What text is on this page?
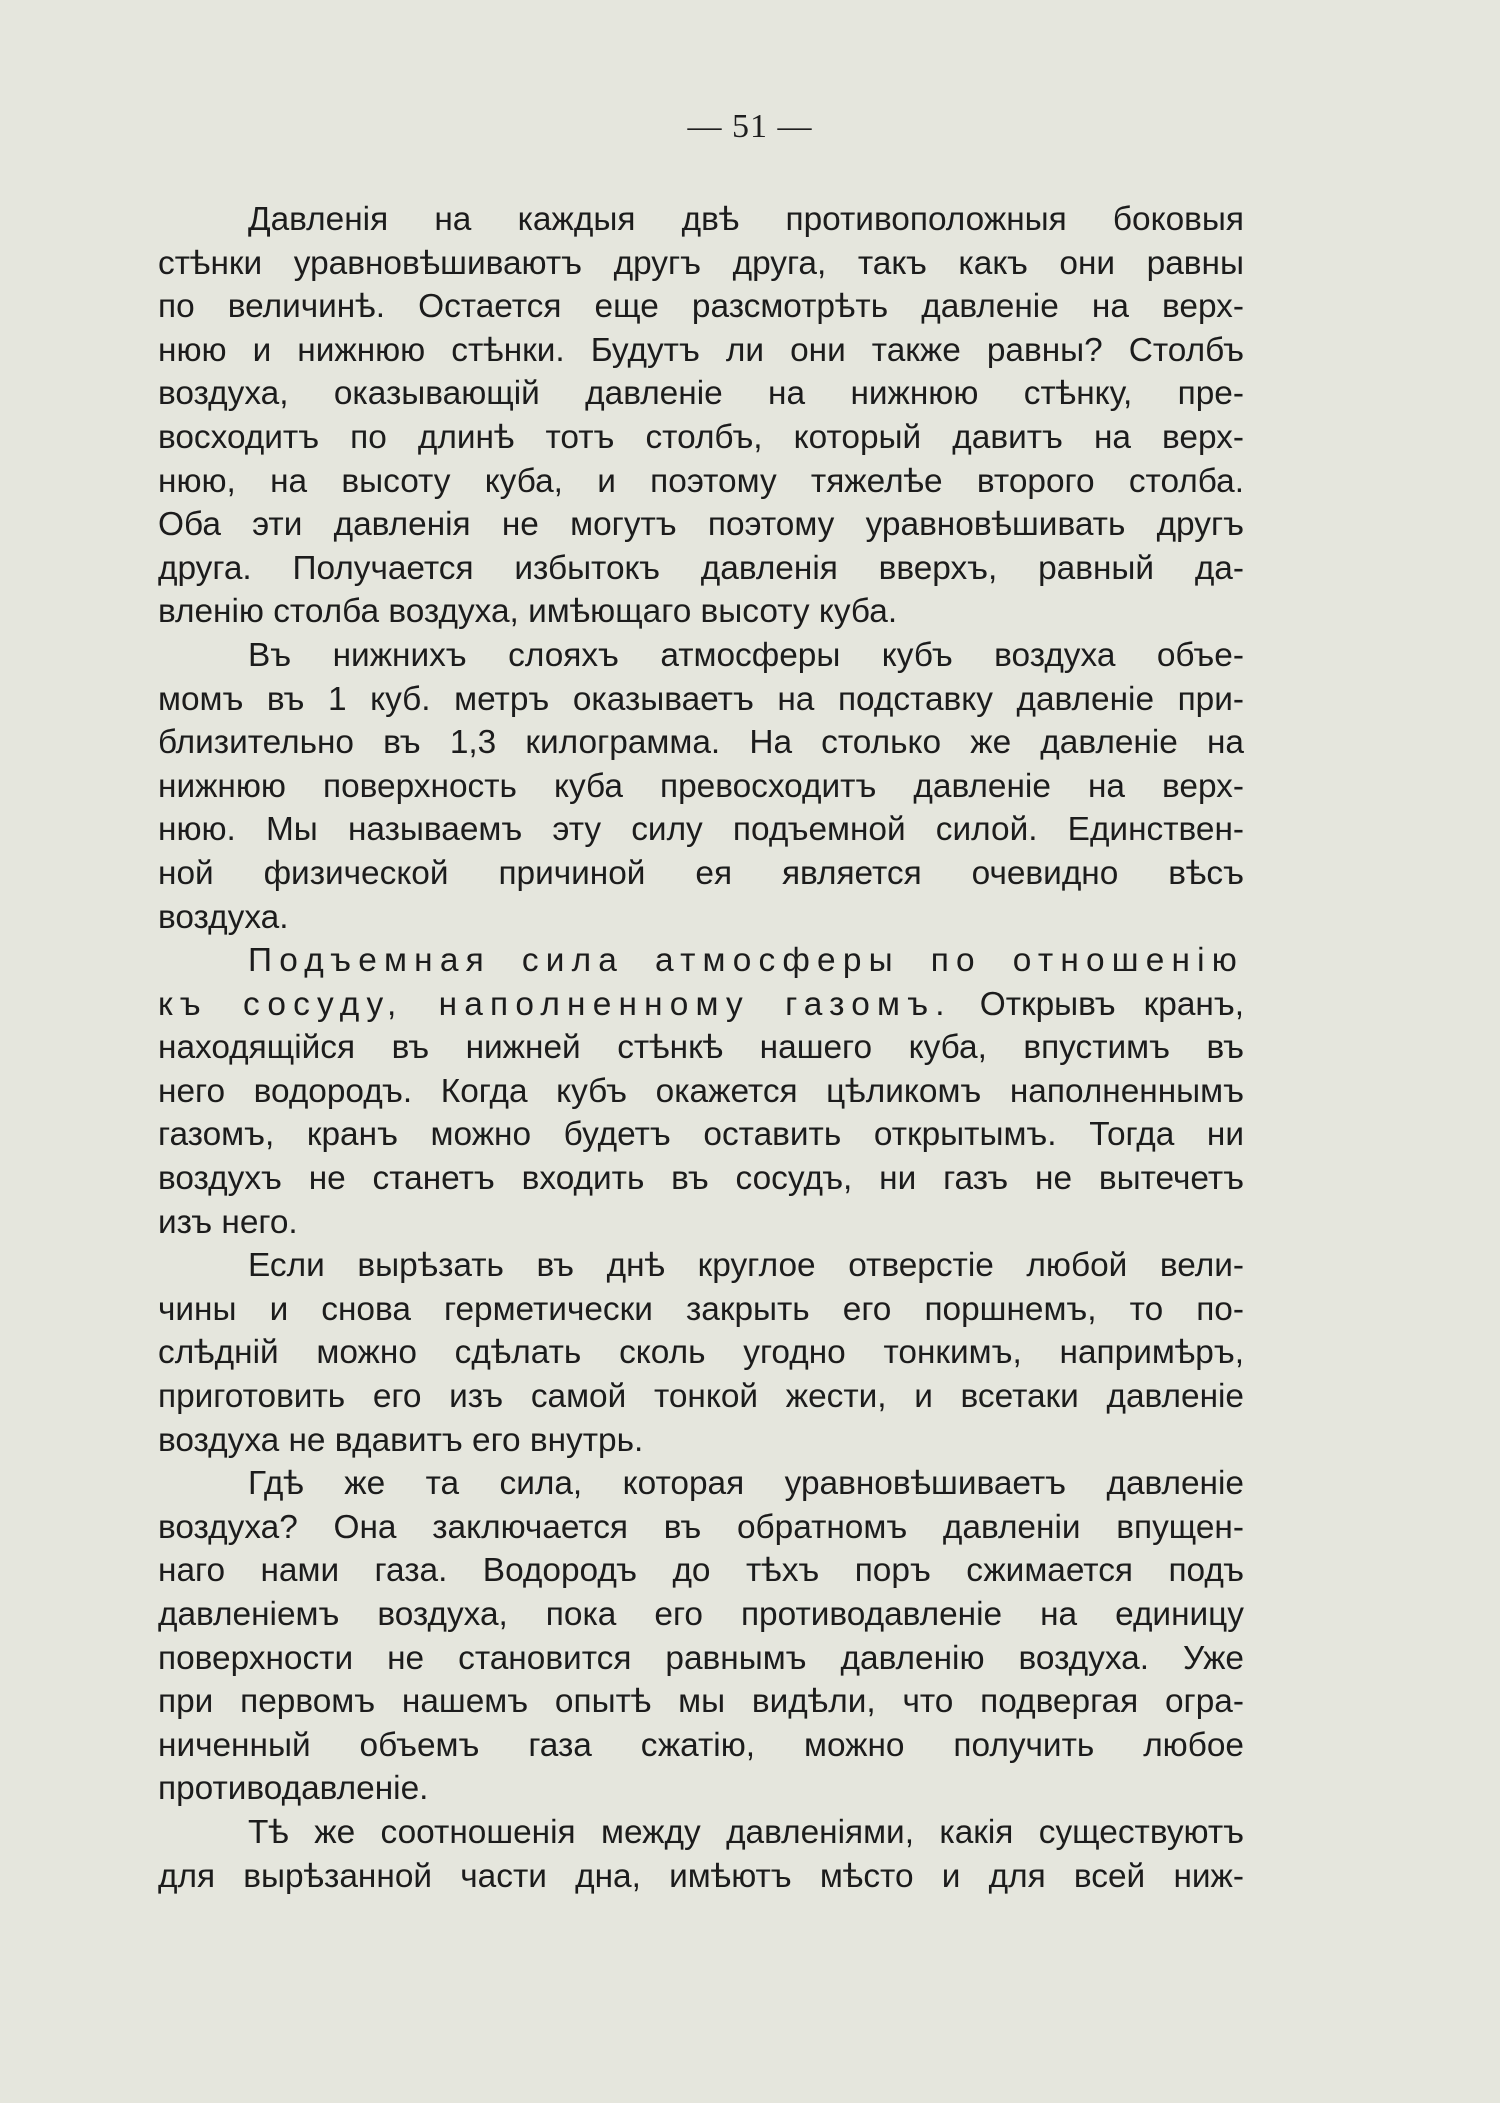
— 51 —
Давленія на каждыя двѣ противоположныя боковыя
стѣнки уравновѣшиваютъ другъ друга, такъ какъ они равны
по величинѣ. Остается еще разсмотрѣть давленіе на верх-
нюю и нижнюю стѣнки. Будутъ ли они также равны? Столбъ
воздуха, оказывающій давленіе на нижнюю стѣнку, пре-
восходитъ по длинѣ тотъ столбъ, который давитъ на верх-
нюю, на высоту куба, и поэтому тяжелѣе второго столба.
Оба эти давленія не могутъ поэтому уравновѣшивать другъ
друга. Получается избытокъ давленія вверхъ, равный да-
вленію столба воздуха, имѣющаго высоту куба.
Въ нижнихъ слояхъ атмосферы кубъ воздуха объе-
момъ въ 1 куб. метръ оказываетъ на подставку давленіе при-
близительно въ 1,3 килограмма. На столько же давленіе на
нижнюю поверхность куба превосходитъ давленіе на верх-
нюю. Мы называемъ эту силу подъемной силой. Единствен-
ной физической причиной ея является очевидно вѣсъ
воздуха.
Подъемная сила атмосферы по отношенію
къ сосуду, наполненному газомъ. Открывъ кранъ,
находящійся въ нижней стѣнкѣ нашего куба, впустимъ въ
него водородъ. Когда кубъ окажется цѣликомъ наполненнымъ
газомъ, кранъ можно будетъ оставить открытымъ. Тогда ни
воздухъ не станетъ входить въ сосудъ, ни газъ не вытечетъ
изъ него.
Если вырѣзать въ днѣ круглое отверстіе любой вели-
чины и снова герметически закрыть его поршнемъ, то по-
слѣдній можно сдѣлать сколь угодно тонкимъ, напримѣръ,
приготовить его изъ самой тонкой жести, и всетаки давленіе
воздуха не вдавитъ его внутрь.
Гдѣ же та сила, которая уравновѣшиваетъ давленіе
воздуха? Она заключается въ обратномъ давленіи впущен-
наго нами газа. Водородъ до тѣхъ поръ сжимается подъ
давленіемъ воздуха, пока его противодавленіе на единицу
поверхности не становится равнымъ давленію воздуха. Уже
при первомъ нашемъ опытѣ мы видѣли, что подвергая огра-
ниченный объемъ газа сжатію, можно получить любое
противодавленіе.
Тѣ же соотношенія между давленіями, какія существуютъ
для вырѣзанной части дна, имѣютъ мѣсто и для всей ниж-
